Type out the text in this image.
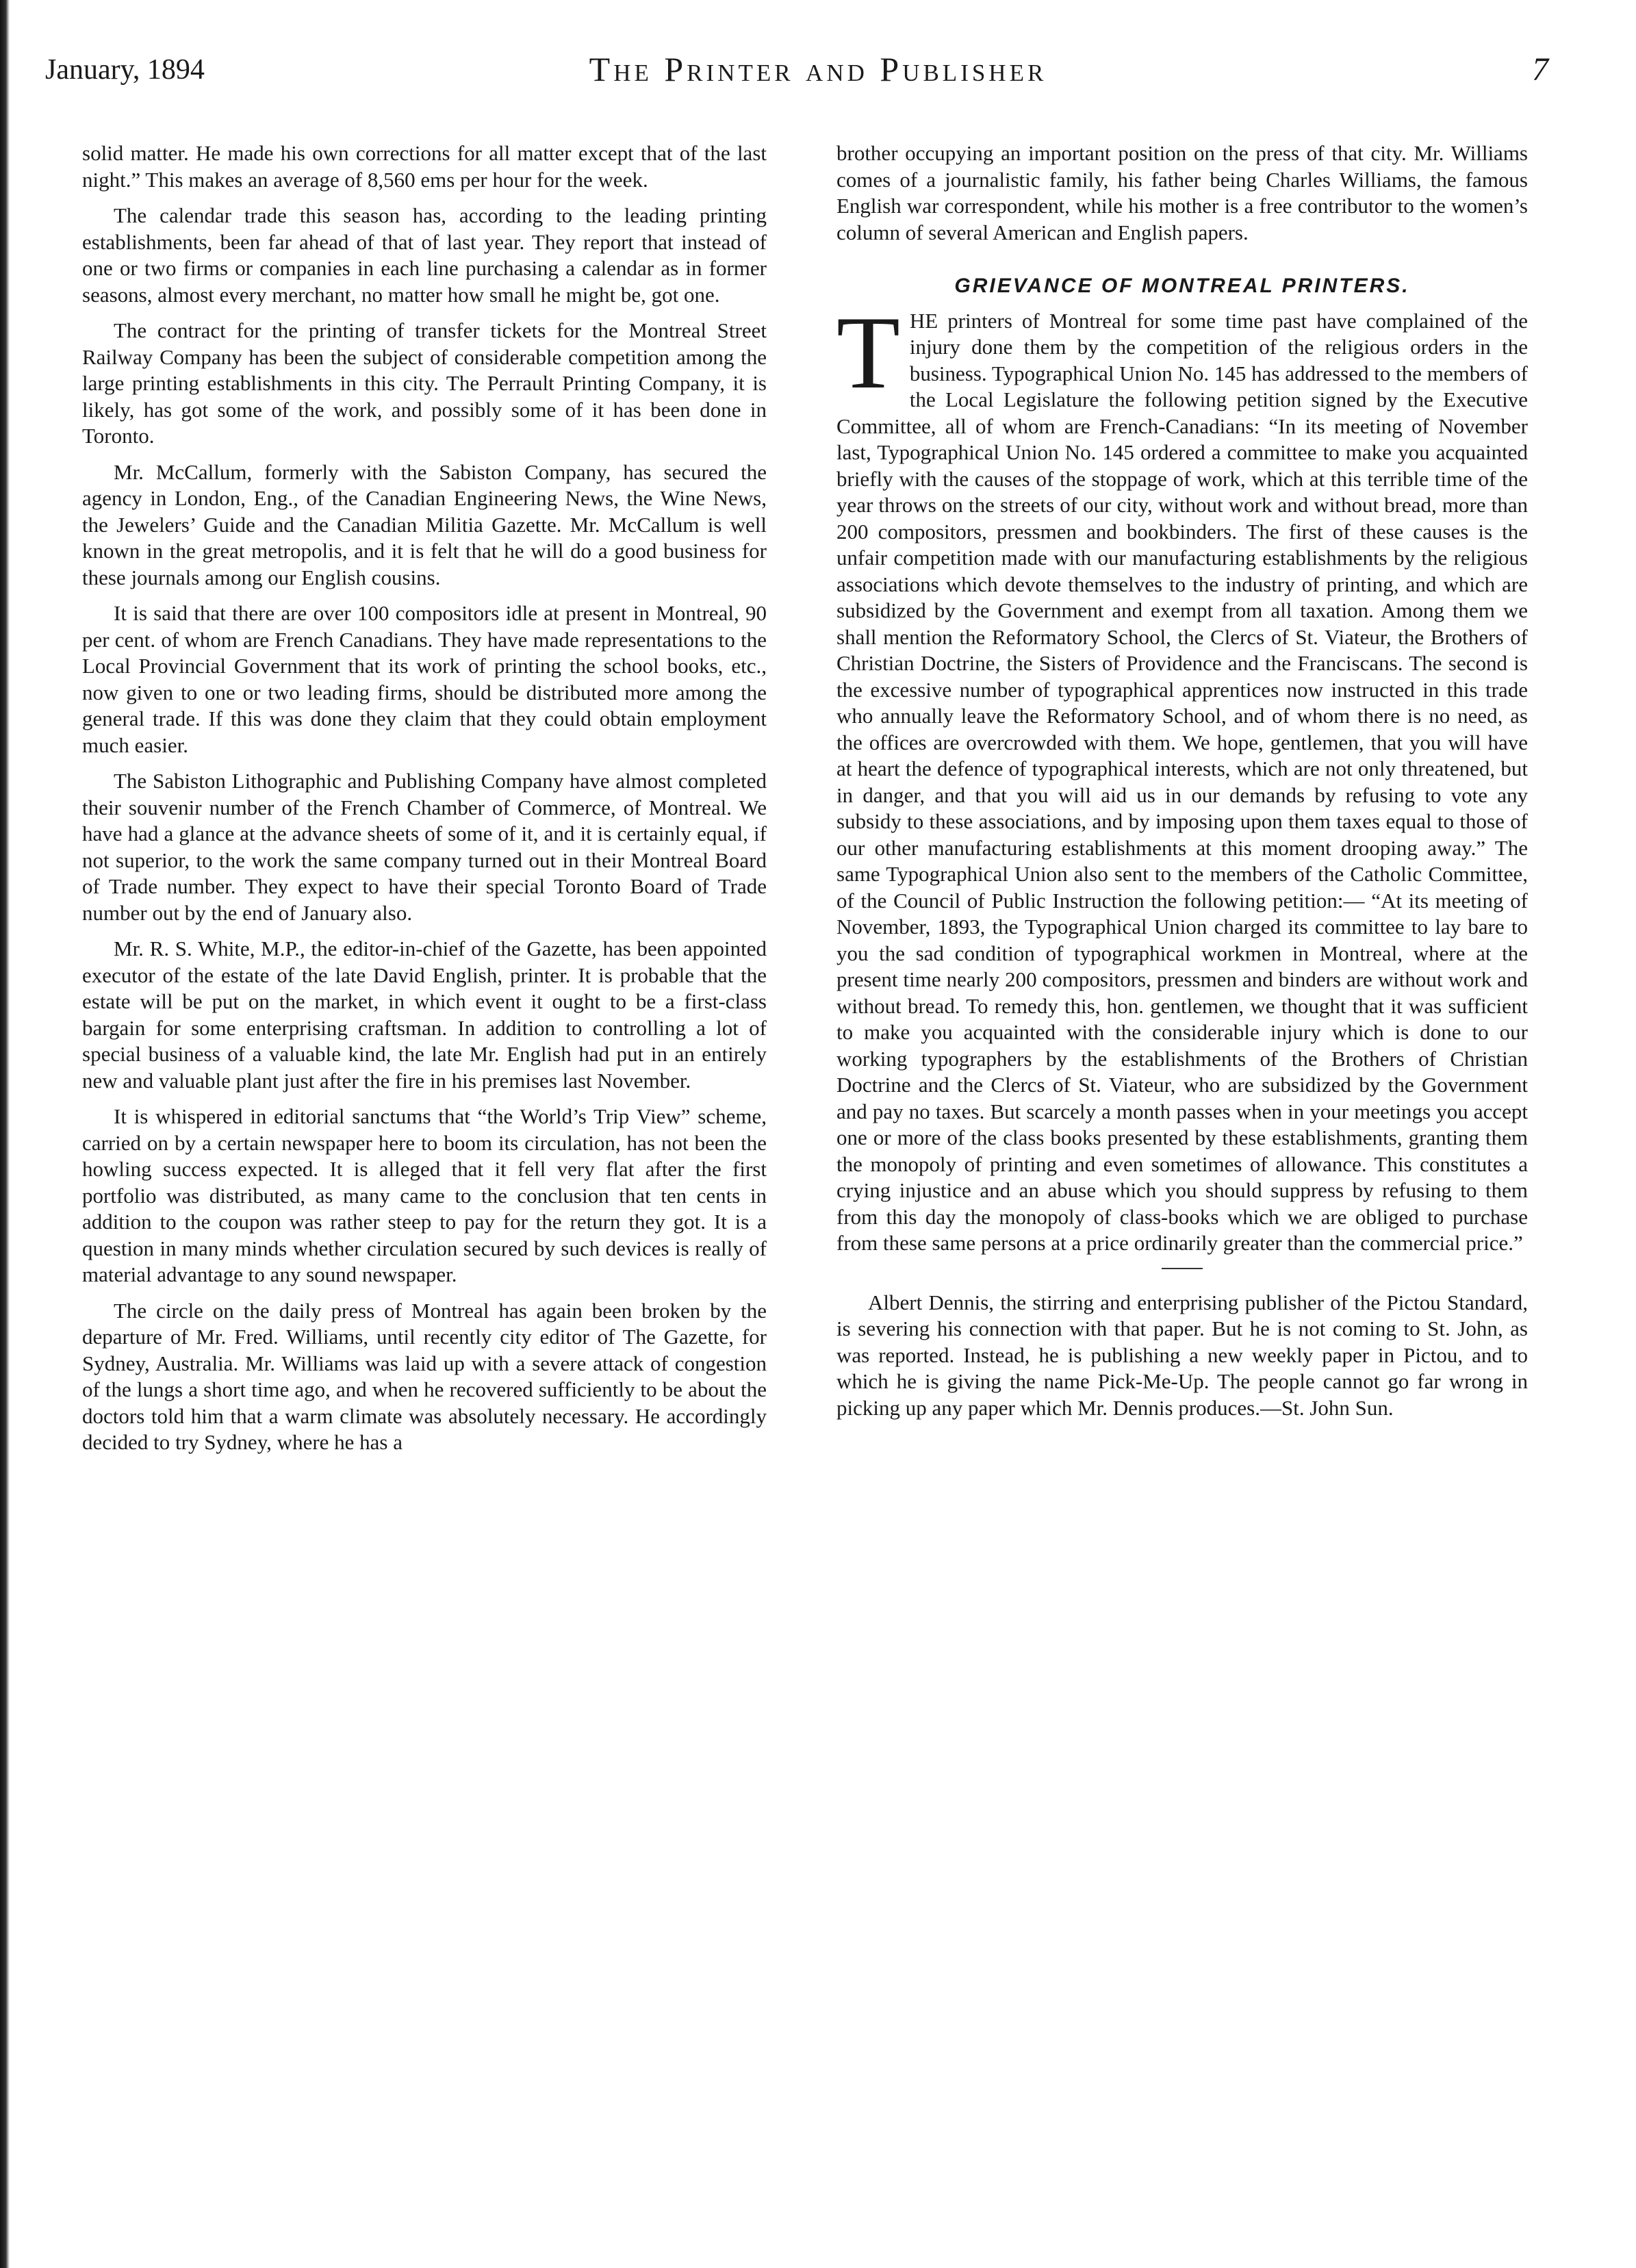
January, 1894	The Printer and Publisher	7

solid matter. He made his own corrections for all matter except that of the last night.” This makes an average of 8,560 ems per hour for the week.

The calendar trade this season has, according to the leading printing establishments, been far ahead of that of last year. They report that instead of one or two firms or companies in each line purchasing a calendar as in former seasons, almost every merchant, no matter how small he might be, got one.

The contract for the printing of transfer tickets for the Montreal Street Railway Company has been the subject of considerable competition among the large printing establishments in this city. The Perrault Printing Company, it is likely, has got some of the work, and possibly some of it has been done in Toronto.

Mr. McCallum, formerly with the Sabiston Company, has secured the agency in London, Eng., of the Canadian Engineering News, the Wine News, the Jewelers’ Guide and the Canadian Militia Gazette. Mr. McCallum is well known in the great metropolis, and it is felt that he will do a good business for these journals among our English cousins.

It is said that there are over 100 compositors idle at present in Montreal, 90 per cent. of whom are French Canadians. They have made representations to the Local Provincial Government that its work of printing the school books, etc., now given to one or two leading firms, should be distributed more among the general trade. If this was done they claim that they could obtain employment much easier.

The Sabiston Lithographic and Publishing Company have almost completed their souvenir number of the French Chamber of Commerce, of Montreal. We have had a glance at the advance sheets of some of it, and it is certainly equal, if not superior, to the work the same company turned out in their Montreal Board of Trade number. They expect to have their special Toronto Board of Trade number out by the end of January also.

Mr. R. S. White, M.P., the editor-in-chief of the Gazette, has been appointed executor of the estate of the late David English, printer. It is probable that the estate will be put on the market, in which event it ought to be a first-class bargain for some enterprising craftsman. In addition to controlling a lot of special business of a valuable kind, the late Mr. English had put in an entirely new and valuable plant just after the fire in his premises last November.

It is whispered in editorial sanctums that “the World’s Trip View” scheme, carried on by a certain newspaper here to boom its circulation, has not been the howling success expected. It is alleged that it fell very flat after the first portfolio was distributed, as many came to the conclusion that ten cents in addition to the coupon was rather steep to pay for the return they got. It is a question in many minds whether circulation secured by such devices is really of material advantage to any sound newspaper.

The circle on the daily press of Montreal has again been broken by the departure of Mr. Fred. Williams, until recently city editor of The Gazette, for Sydney, Australia. Mr. Williams was laid up with a severe attack of congestion of the lungs a short time ago, and when he recovered sufficiently to be about the doctors told him that a warm climate was absolutely necessary. He accordingly decided to try Sydney, where he has a

brother occupying an important position on the press of that city. Mr. Williams comes of a journalistic family, his father being Charles Williams, the famous English war correspondent, while his mother is a free contributor to the women’s column of several American and English papers.

GRIEVANCE OF MONTREAL PRINTERS.

THE printers of Montreal for some time past have complained of the injury done them by the competition of the religious orders in the business. Typographical Union No. 145 has addressed to the members of the Local Legislature the following petition signed by the Executive Committee, all of whom are French-Canadians: “In its meeting of November last, Typographical Union No. 145 ordered a committee to make you acquainted briefly with the causes of the stoppage of work, which at this terrible time of the year throws on the streets of our city, without work and without bread, more than 200 compositors, pressmen and bookbinders. The first of these causes is the unfair competition made with our manufacturing establishments by the religious associations which devote themselves to the industry of printing, and which are subsidized by the Government and exempt from all taxation. Among them we shall mention the Reformatory School, the Clercs of St. Viateur, the Brothers of Christian Doctrine, the Sisters of Providence and the Franciscans. The second is the excessive number of typographical apprentices now instructed in this trade who annually leave the Reformatory School, and of whom there is no need, as the offices are overcrowded with them. We hope, gentlemen, that you will have at heart the defence of typographical interests, which are not only threatened, but in danger, and that you will aid us in our demands by refusing to vote any subsidy to these associations, and by imposing upon them taxes equal to those of our other manufacturing establishments at this moment drooping away.” The same Typographical Union also sent to the members of the Catholic Committee, of the Council of Public Instruction the following petition:— “At its meeting of November, 1893, the Typographical Union charged its committee to lay bare to you the sad condition of typographical workmen in Montreal, where at the present time nearly 200 compositors, pressmen and binders are without work and without bread. To remedy this, hon. gentlemen, we thought that it was sufficient to make you acquainted with the considerable injury which is done to our working typographers by the establishments of the Brothers of Christian Doctrine and the Clercs of St. Viateur, who are subsidized by the Government and pay no taxes. But scarcely a month passes when in your meetings you accept one or more of the class books presented by these establishments, granting them the monopoly of printing and even sometimes of allowance. This constitutes a crying injustice and an abuse which you should suppress by refusing to them from this day the monopoly of class-books which we are obliged to purchase from these same persons at a price ordinarily greater than the commercial price.”

Albert Dennis, the stirring and enterprising publisher of the Pictou Standard, is severing his connection with that paper. But he is not coming to St. John, as was reported. Instead, he is publishing a new weekly paper in Pictou, and to which he is giving the name Pick-Me-Up. The people cannot go far wrong in picking up any paper which Mr. Dennis produces.—St. John Sun.
